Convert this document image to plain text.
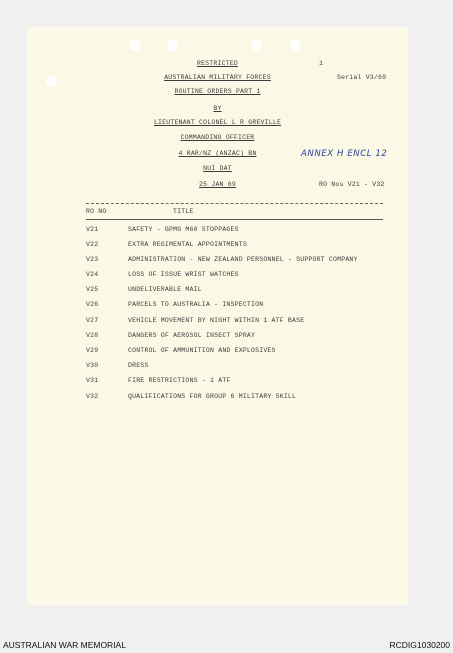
RESTRICTED	1
AUSTRALIAN MILITARY FORCES	Serial V3/69
ROUTINE ORDERS PART 1
BY
LIEUTENANT COLONEL L R GREVILLE
COMMANDING OFFICER
4 RAR/NZ (ANZAC) BN	ANNEX H ENCL 12
NUI DAT
25 JAN 69	RO Nos V21 - V32
RO NO	TITLE
V21	SAFETY - GPMG M60 STOPPAGES
V22	EXTRA REGIMENTAL APPOINTMENTS
V23	ADMINISTRATION - NEW ZEALAND PERSONNEL - SUPPORT COMPANY
V24	LOSS OF ISSUE WRIST WATCHES
V25	UNDELIVERABLE MAIL
V26	PARCELS TO AUSTRALIA - INSPECTION
V27	VEHICLE MOVEMENT BY NIGHT WITHIN 1 ATF BASE
V28	DANGERS OF AEROSOL INSECT SPRAY
V29	CONTROL OF AMMUNITION AND EXPLOSIVES
V30	DRESS
V31	FIRE RESTRICTIONS - 1 ATF
V32	QUALIFICATIONS FOR GROUP 6 MILITARY SKILL
AUSTRALIAN WAR MEMORIAL	RCDIG1030200
